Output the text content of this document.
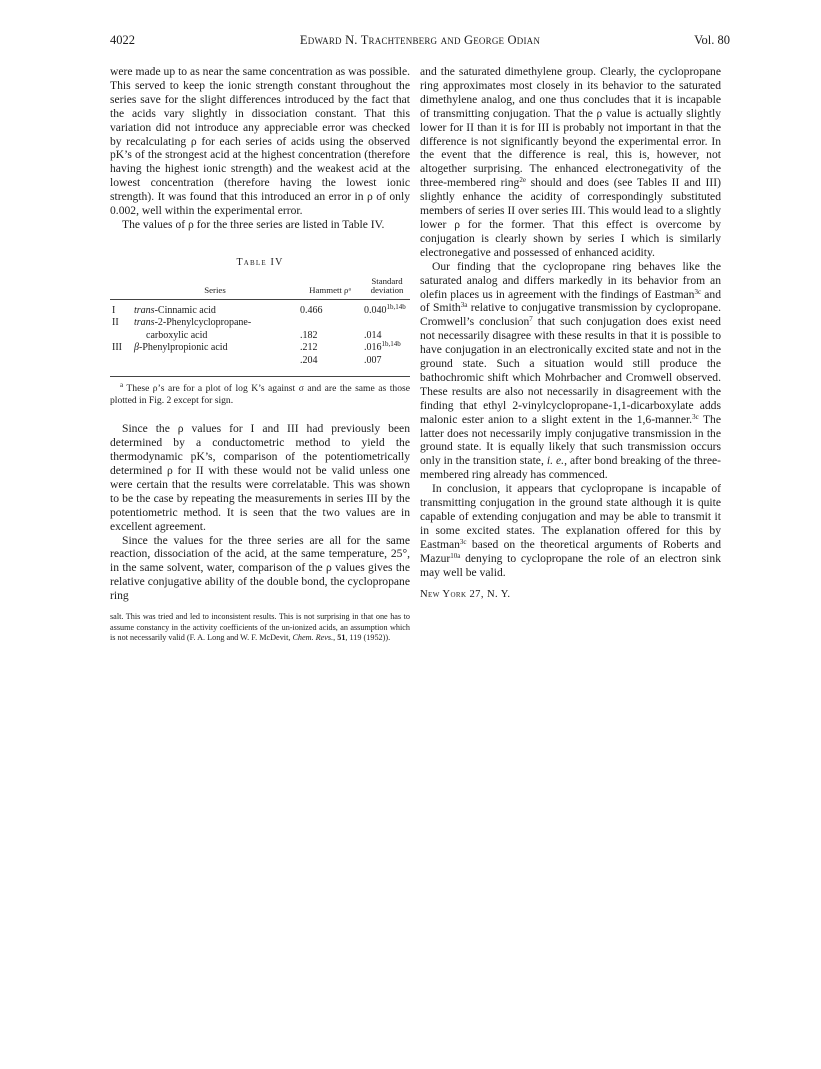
4022	Edward N. Trachtenberg and George Odian	Vol. 80

were made up to as near the same concentration as was possible. This served to keep the ionic strength constant throughout the series save for the slight differences introduced by the fact that the acids vary slightly in dissociation constant. That this variation did not introduce any appreciable error was checked by recalculating ρ for each series of acids using the observed pK’s of the strongest acid at the highest concentration (therefore having the highest ionic strength) and the weakest acid at the lowest concentration (therefore having the lowest ionic strength). It was found that this introduced an error in ρ of only 0.002, well within the experimental error.

The values of ρ for the three series are listed in Table IV.

Table IV
	Series	Hammett ρᵃ	Standard deviation
I	trans-Cinnamic acid	0.466	$0.040^{1b,14b}$
II	trans-2-Phenylcyclopropane-		
	carboxylic acid	.182	.014
III	β-Phenylpropionic acid	.212	$.016^{1b,14b}$
		.204	.007
$^a$ These ρ’s are for a plot of log K’s against σ and are the same as those plotted in Fig. 2 except for sign.

Since the ρ values for I and III had previously been determined by a conductometric method to yield the thermodynamic pK’s, comparison of the potentiometrically determined ρ for II with these would not be valid unless one were certain that the results were correlatable. This was shown to be the case by repeating the measurements in series III by the potentiometric method. It is seen that the two values are in excellent agreement.

Since the values for the three series are all for the same reaction, dissociation of the acid, at the same temperature, 25°, in the same solvent, water, comparison of the ρ values gives the relative conjugative ability of the double bond, the cyclopropane ring

salt. This was tried and led to inconsistent results. This is not surprising in that one has to assume constancy in the activity coefficients of the un-ionized acids, an assumption which is not necessarily valid (F. A. Long and W. F. McDevit, Chem. Revs., 51, 119 (1952)).

and the saturated dimethylene group. Clearly, the cyclopropane ring approximates most closely in its behavior to the saturated dimethylene analog, and one thus concludes that it is incapable of transmitting conjugation. That the ρ value is actually slightly lower for II than it is for III is probably not important in that the difference is not significantly beyond the experimental error. In the event that the difference is real, this is, however, not altogether surprising. The enhanced electronegativity of the three-membered ring$^{2e}$ should and does (see Tables II and III) slightly enhance the acidity of correspondingly substituted members of series II over series III. This would lead to a slightly lower ρ for the former. That this effect is overcome by conjugation is clearly shown by series I which is similarly electronegative and possessed of enhanced acidity.

Our finding that the cyclopropane ring behaves like the saturated analog and differs markedly in its behavior from an olefin places us in agreement with the findings of Eastman$^{3c}$ and of Smith$^{3a}$ relative to conjugative transmission by cyclopropane. Cromwell’s conclusion$^7$ that such conjugation does exist need not necessarily disagree with these results in that it is possible to have conjugation in an electronically excited state and not in the ground state. Such a situation would still produce the bathochromic shift which Mohrbacher and Cromwell observed. These results are also not necessarily in disagreement with the finding that ethyl 2-vinylcyclopropane-1,1-dicarboxylate adds malonic ester anion to a slight extent in the 1,6-manner.$^{3c}$ The latter does not necessarily imply conjugative transmission in the ground state. It is equally likely that such transmission occurs only in the transition state, i. e., after bond breaking of the three-membered ring already has commenced.

In conclusion, it appears that cyclopropane is incapable of transmitting conjugation in the ground state although it is quite capable of extending conjugation and may be able to transmit it in some excited states. The explanation offered for this by Eastman$^{3c}$ based on the theoretical arguments of Roberts and Mazur$^{10a}$ denying to cyclopropane the role of an electron sink may well be valid.

New York 27, N. Y.
